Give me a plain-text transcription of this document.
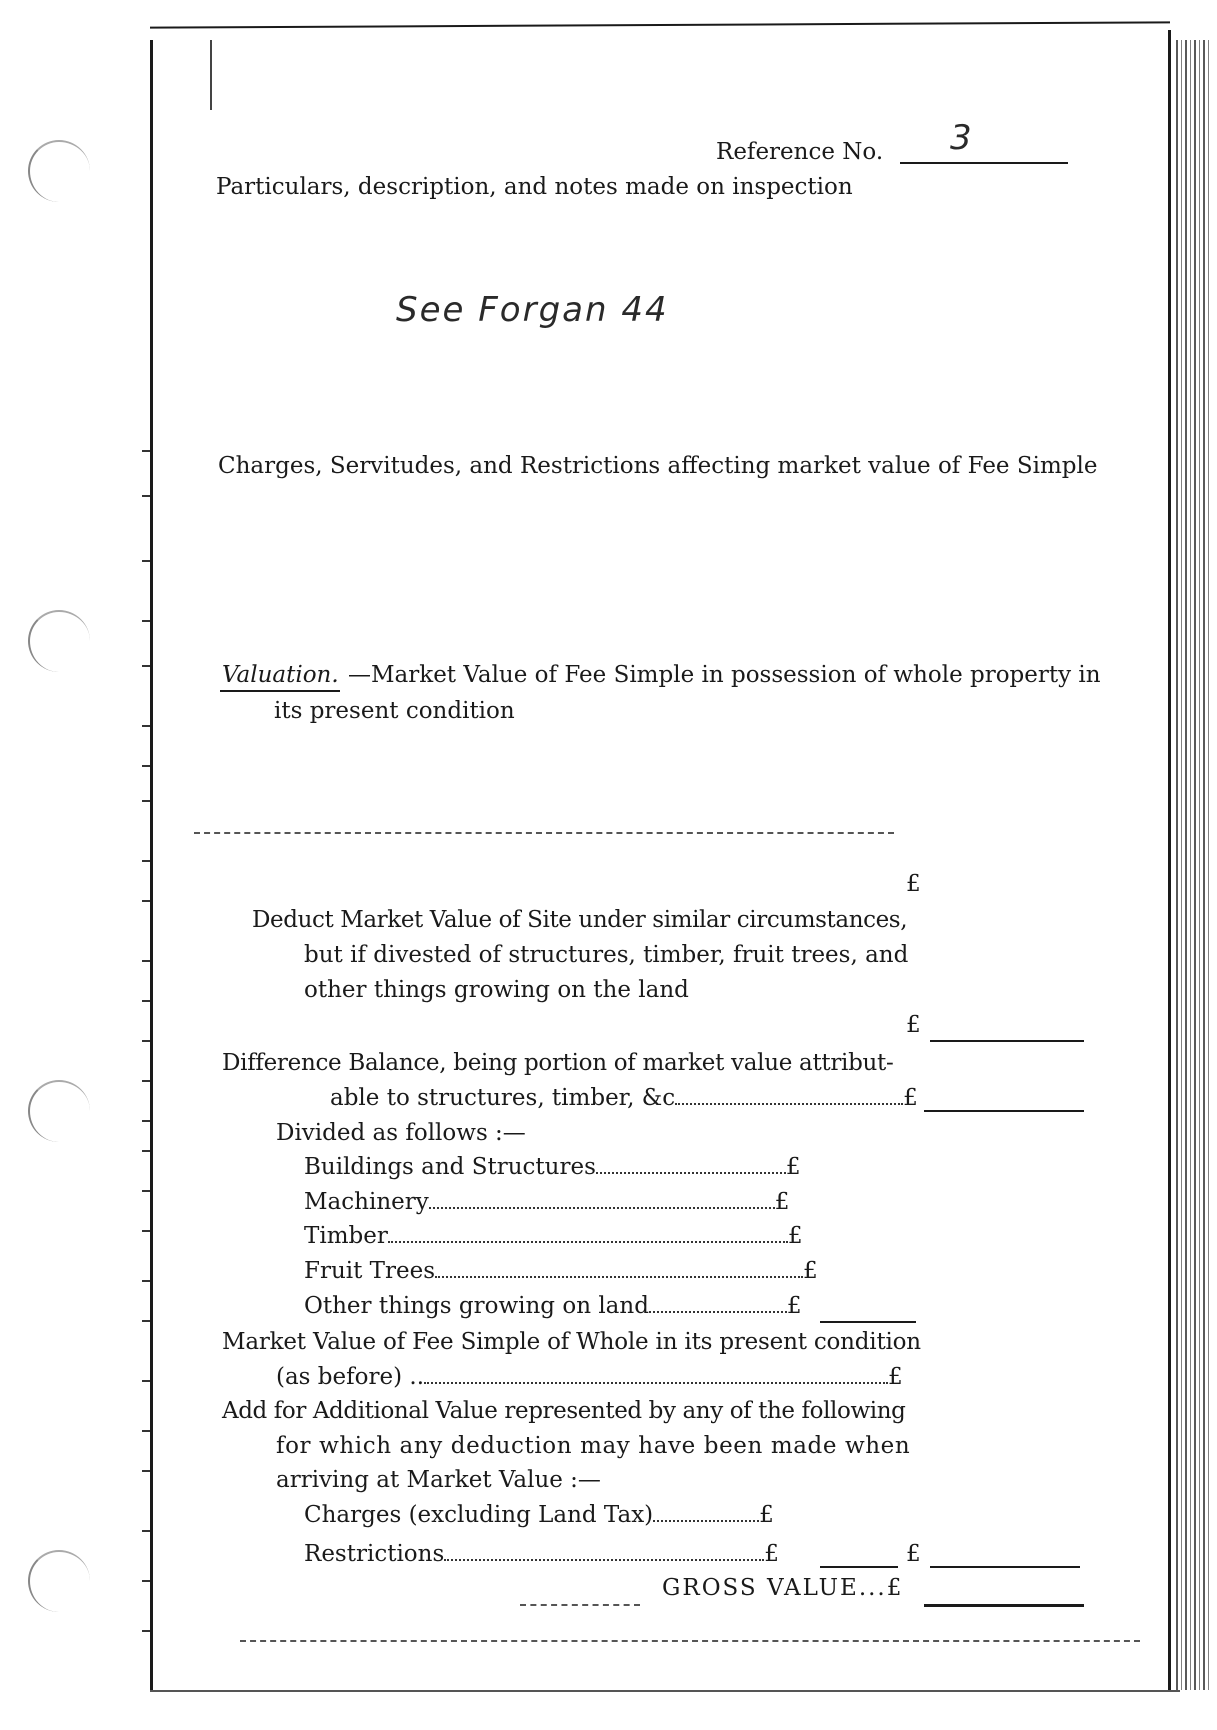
Reference No. 3
Particulars, description, and notes made on inspection
See Forgan 44
Charges, Servitudes, and Restrictions affecting market value of Fee Simple
Valuation. —Market Value of Fee Simple in possession of whole property in
its present condition
£
Deduct Market Value of Site under similar circumstances,
but if divested of structures, timber, fruit trees, and
other things growing on the land
£
Difference Balance, being portion of market value attribut-
able to structures, timber, &c	£
Divided as follows :—
Buildings and Structures	£
Machinery	£
Timber	£
Fruit Trees	£
Other things growing on land	£
Market Value of Fee Simple of Whole in its present condition
(as before) ..	£
Add for Additional Value represented by any of the following
for which any deduction may have been made when
arriving at Market Value :—
Charges (excluding Land Tax)	£
Restrictions	£	£
GROSS VALUE...£
